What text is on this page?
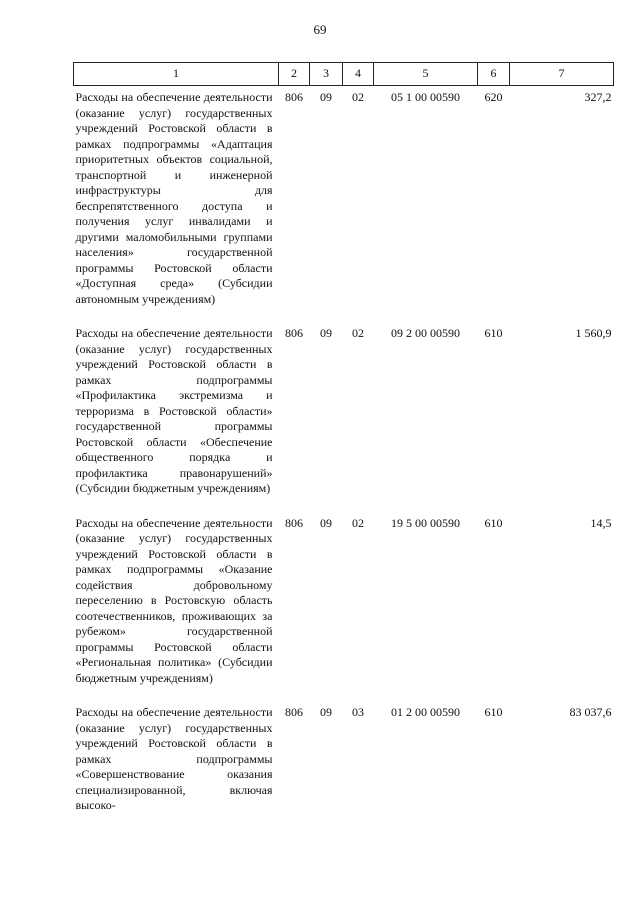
69
1	2	3	4	5	6	7
Расходы на обеспечение деятельности (оказание услуг) государственных учреждений Ростовской области в рамках подпрограммы «Адаптация приоритетных объектов социальной, транспортной и инженерной инфраструктуры для беспрепятственного доступа и получения услуг инвалидами и другими маломобильными группами населения» государственной программы Ростовской области «Доступная среда» (Субсидии автономным учреждениям)	806	09	02	05 1 00 00590	620	327,2
Расходы на обеспечение деятельности (оказание услуг) государственных учреждений Ростовской области в рамках подпрограммы «Профилактика экстремизма и терроризма в Ростовской области» государственной программы Ростовской области «Обеспечение общественного порядка и профилактика правонарушений» (Субсидии бюджетным учреждениям)	806	09	02	09 2 00 00590	610	1 560,9
Расходы на обеспечение деятельности (оказание услуг) государственных учреждений Ростовской области в рамках подпрограммы «Оказание содействия добровольному переселению в Ростовскую область соотечественников, проживающих за рубежом» государственной программы Ростовской области «Региональная политика» (Субсидии бюджетным учреждениям)	806	09	02	19 5 00 00590	610	14,5
Расходы на обеспечение деятельности (оказание услуг) государственных учреждений Ростовской области в рамках подпрограммы «Совершенствование оказания специализированной, включая высоко-	806	09	03	01 2 00 00590	610	83 037,6
